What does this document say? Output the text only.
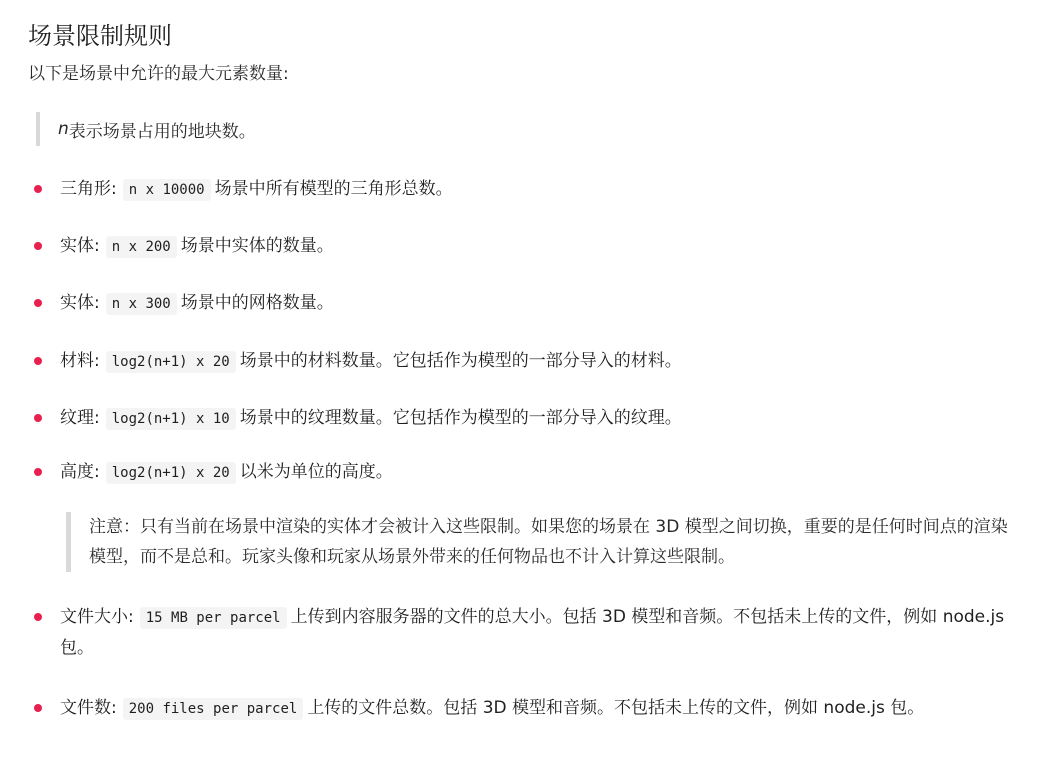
场景限制规则
以下是场景中允许的最大元素数量:
n 表示场景占用的地块数。
三角形: n x 10000 场景中所有模型的三角形总数。
实体: n x 200 场景中实体的数量。
实体: n x 300 场景中的网格数量。
材料: log2(n+1) x 20 场景中的材料数量。它包括作为模型的一部分导入的材料。
纹理: log2(n+1) x 10 场景中的纹理数量。它包括作为模型的一部分导入的纹理。
高度: log2(n+1) x 20 以米为单位的高度。
文件大小: 15 MB per parcel 上传到内容服务器的文件的总大小。包括 3D 模型和音频。不包括未上传的文件，例如 node.js 包。
文件数: 200 files per parcel 上传的文件总数。包括 3D 模型和音频。不包括未上传的文件，例如 node.js 包。
注意：只有当前在场景中渲染的实体才会被计入这些限制。如果您的场景在 3D 模型之间切换，重要的是任何时间点的渲染模型，而不是总和。玩家头像和玩家从场景外带来的任何物品也不计入计算这些限制。
